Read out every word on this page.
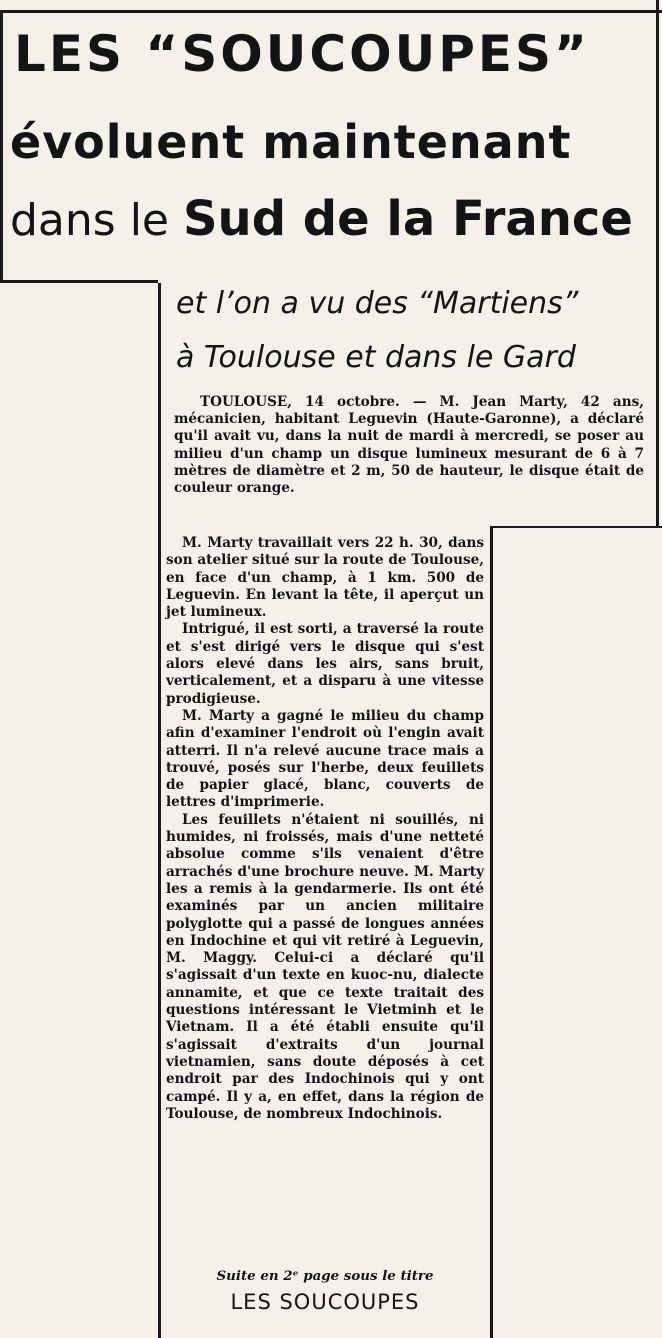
LES “SOUCOUPES”
évoluent maintenant
dans le Sud de la France
et l’on a vu des “Martiens”
à Toulouse et dans le Gard

TOULOUSE, 14 octobre. — M. Jean Marty, 42 ans, mécanicien, habitant Leguevin (Haute-Garonne), a déclaré qu'il avait vu, dans la nuit de mardi à mercredi, se poser au milieu d'un champ un disque lumineux mesurant de 6 à 7 mètres de diamètre et 2 m, 50 de hauteur, le disque était de couleur orange.

M. Marty travaillait vers 22 h. 30, dans son atelier situé sur la route de Toulouse, en face d'un champ, à 1 km. 500 de Leguevin. En levant la tête, il aperçut un jet lumineux.

Intrigué, il est sorti, a traversé la route et s'est dirigé vers le disque qui s'est alors elevé dans les airs, sans bruit, verticalement, et a disparu à une vitesse prodigieuse.

M. Marty a gagné le milieu du champ afin d'examiner l'endroit où l'engin avait atterri. Il n'a relevé aucune trace mais a trouvé, posés sur l'herbe, deux feuillets de papier glacé, blanc, couverts de lettres d'imprimerie.

Les feuillets n'étaient ni souillés, ni humides, ni froissés, mais d'une netteté absolue comme s'ils venaient d'être arrachés d'une brochure neuve. M. Marty les a remis à la gendarmerie. Ils ont été examinés par un ancien militaire polyglotte qui a passé de longues années en Indochine et qui vit retiré à Leguevin, M. Maggy. Celui-ci a déclaré qu'il s'agissait d'un texte en kuoc-nu, dialecte annamite, et que ce texte traitait des questions intéressant le Vietminh et le Vietnam. Il a été établi ensuite qu'il s'agissait d'extraits d'un journal vietnamien, sans doute déposés à cet endroit par des Indochinois qui y ont campé. Il y a, en effet, dans la région de Toulouse, de nombreux Indochinois.

Suite en 2ᵉ page sous le titre

LES SOUCOUPES
